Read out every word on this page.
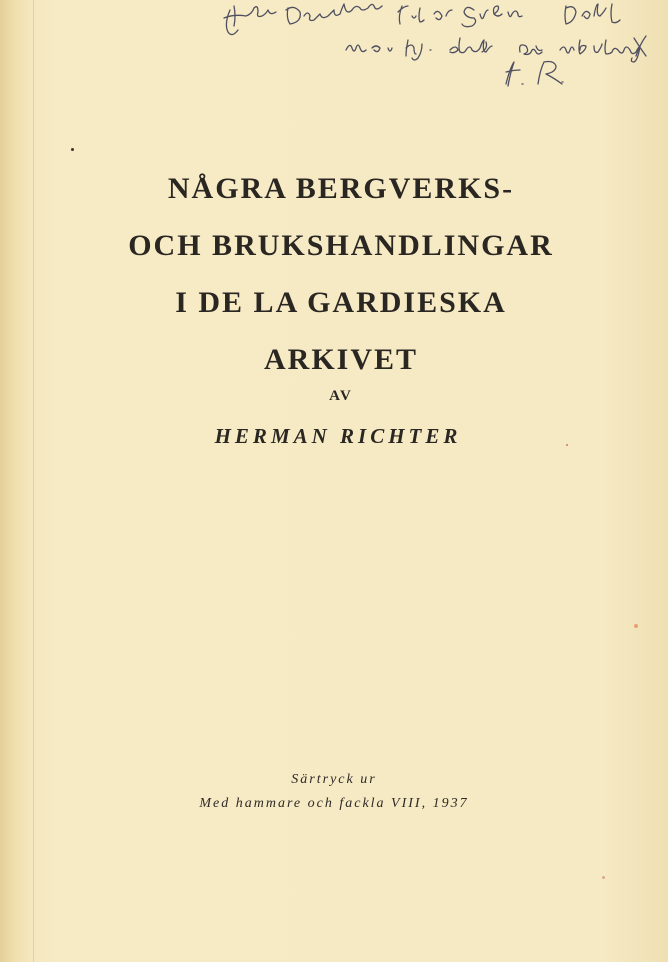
NÅGRA BERGVERKS-
OCH BRUKSHANDLINGAR
I DE LA GARDIESKA
ARKIVET
AV
HERMAN RICHTER
Särtryck ur
Med hammare och fackla VIII, 1937
